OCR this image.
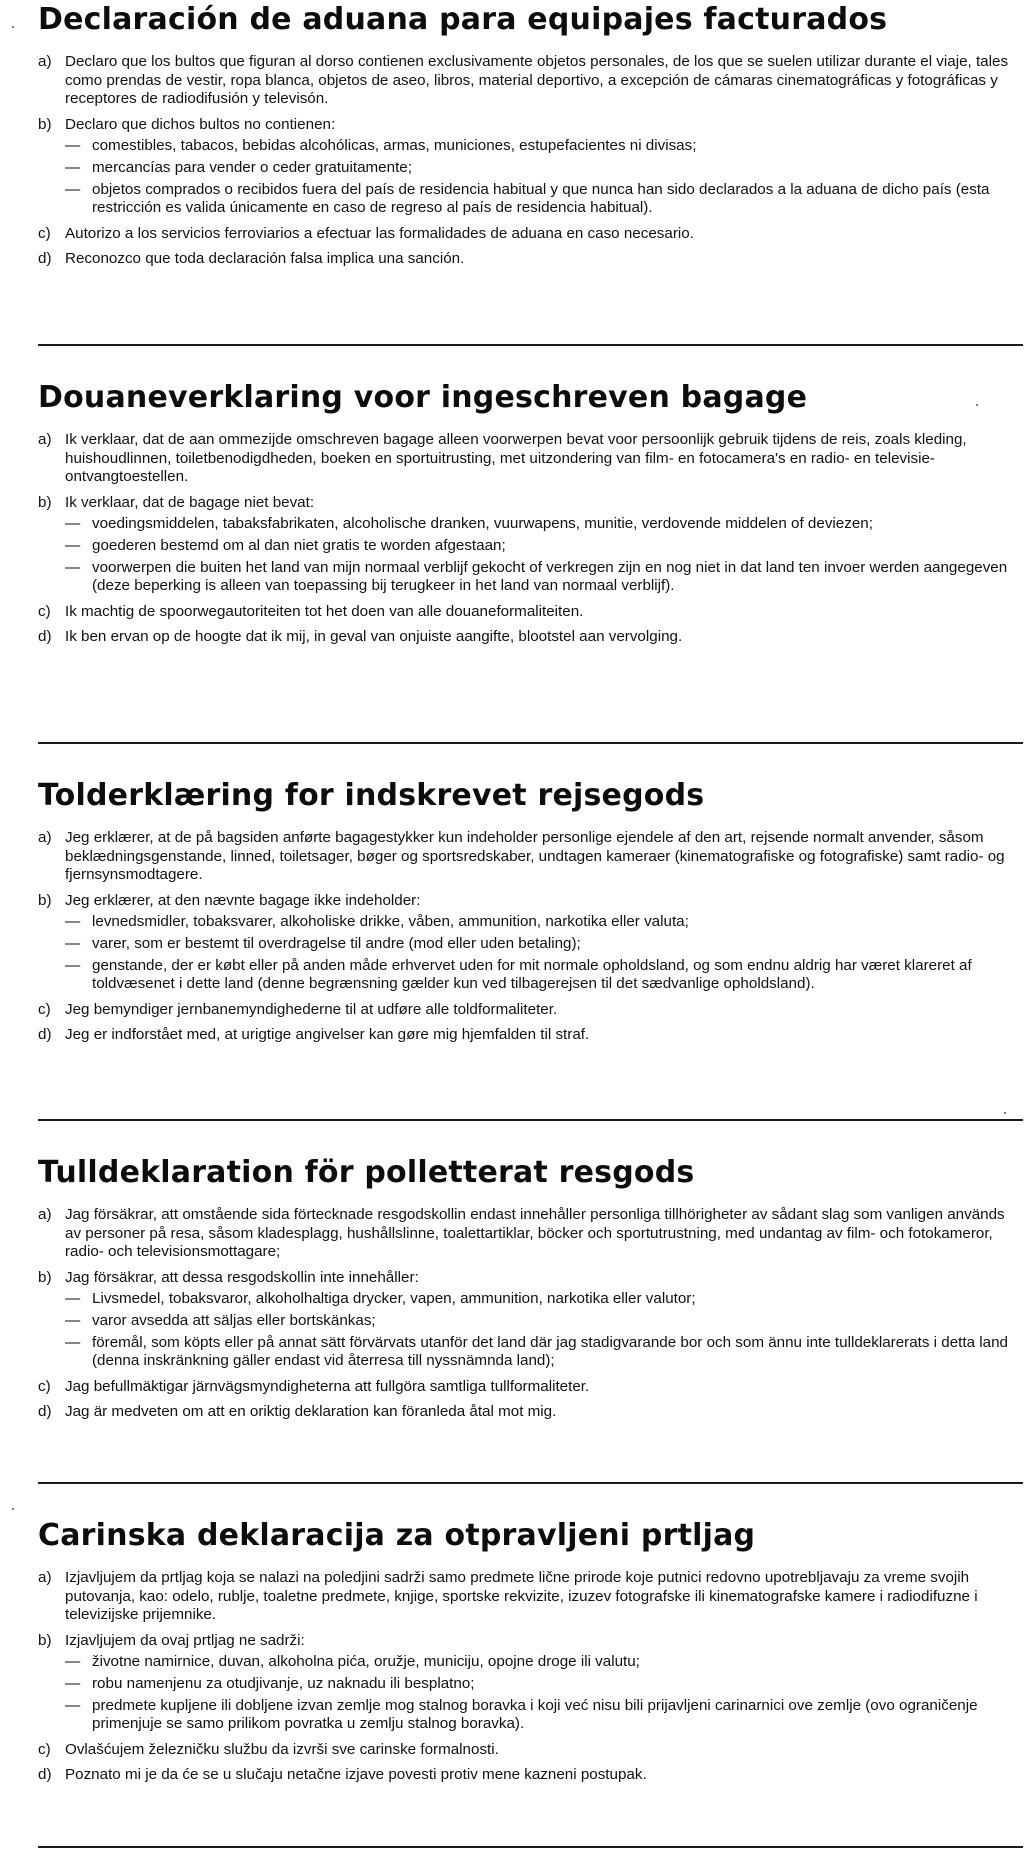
Declaración de aduana para equipajes facturados
a) Declaro que los bultos que figuran al dorso contienen exclusivamente objetos personales, de los que se suelen utilizar durante el viaje, tales como prendas de vestir, ropa blanca, objetos de aseo, libros, material deportivo, a excepción de cámaras cinematográficas y fotográficas y receptores de radiodifusión y televisón.
b) Declaro que dichos bultos no contienen:
— comestibles, tabacos, bebidas alcohólicas, armas, municiones, estupefacientes ni divisas;
— mercancías para vender o ceder gratuitamente;
— objetos comprados o recibidos fuera del país de residencia habitual y que nunca han sido declarados a la aduana de dicho país (esta restricción es valida únicamente en caso de regreso al país de residencia habitual).
c) Autorizo a los servicios ferroviarios a efectuar las formalidades de aduana en caso necesario.
d) Reconozco que toda declaración falsa implica una sanción.
Douaneverklaring voor ingeschreven bagage
a) Ik verklaar, dat de aan ommezijde omschreven bagage alleen voorwerpen bevat voor persoonlijk gebruik tijdens de reis, zoals kleding, huishoudlinnen, toiletbenodigdheden, boeken en sportuitrusting, met uitzondering van film- en fotocamera's en radio- en televisie-ontvangtoestellen.
b) Ik verklaar, dat de bagage niet bevat:
— voedingsmiddelen, tabaksfabrikaten, alcoholische dranken, vuurwapens, munitie, verdovende middelen of deviezen;
— goederen bestemd om al dan niet gratis te worden afgestaan;
— voorwerpen die buiten het land van mijn normaal verblijf gekocht of verkregen zijn en nog niet in dat land ten invoer werden aangegeven (deze beperking is alleen van toepassing bij terugkeer in het land van normaal verblijf).
c) Ik machtig de spoorwegautoriteiten tot het doen van alle douaneformaliteiten.
d) Ik ben ervan op de hoogte dat ik mij, in geval van onjuiste aangifte, blootstel aan vervolging.
Tolderklæring for indskrevet rejsegods
a) Jeg erklærer, at de på bagsiden anførte bagagestykker kun indeholder personlige ejendele af den art, rejsende normalt anvender, såsom beklædningsgenstande, linned, toiletsager, bøger og sportsredskaber, undtagen kameraer (kinematografiske og fotografiske) samt radio- og fjernsynsmodtagere.
b) Jeg erklærer, at den nævnte bagage ikke indeholder:
— levnedsmidler, tobaksvarer, alkoholiske drikke, våben, ammunition, narkotika eller valuta;
— varer, som er bestemt til overdragelse til andre (mod eller uden betaling);
— genstande, der er købt eller på anden måde erhvervet uden for mit normale opholdsland, og som endnu aldrig har været klareret af toldvæsenet i dette land (denne begrænsning gælder kun ved tilbagerejsen til det sædvanlige opholdsland).
c) Jeg bemyndiger jernbanemyndighederne til at udføre alle toldformaliteter.
d) Jeg er indforstået med, at urigtige angivelser kan gøre mig hjemfalden til straf.
Tulldeklaration för polletterat resgods
a) Jag försäkrar, att omstående sida förtecknade resgodskollin endast innehåller personliga tillhörigheter av sådant slag som vanligen används av personer på resa, såsom kladesplagg, hushållslinne, toalettartiklar, böcker och sportutrustning, med undantag av film- och fotokameror, radio- och televisionsmottagare;
b) Jag försäkrar, att dessa resgodskollin inte innehåller:
— Livsmedel, tobaksvaror, alkoholhaltiga drycker, vapen, ammunition, narkotika eller valutor;
— varor avsedda att säljas eller bortskänkas;
— föremål, som köpts eller på annat sätt förvärvats utanför det land där jag stadigvarande bor och som ännu inte tulldeklarerats i detta land (denna inskränkning gäller endast vid återresa till nyssnämnda land);
c) Jag befullmäktigar järnvägsmyndigheterna att fullgöra samtliga tullformaliteter.
d) Jag är medveten om att en oriktig deklaration kan föranleda åtal mot mig.
Carinska deklaracija za otpravljeni prtljag
a) Izjavljujem da prtljag koja se nalazi na poledjini sadrži samo predmete lične prirode koje putnici redovno upotrebljavaju za vreme svojih putovanja, kao: odelo, rublje, toaletne predmete, knjige, sportske rekvizite, izuzev fotografske ili kinematografske kamere i radiodifuzne i televizijske prijemnike.
b) Izjavljujem da ovaj prtljag ne sadrži:
— životne namirnice, duvan, alkoholna pića, oružje, municiju, opojne droge ili valutu;
— robu namenjenu za otudjivanje, uz naknadu ili besplatno;
— predmete kupljene ili dobljene izvan zemlje mog stalnog boravka i koji već nisu bili prijavljeni carinarnici ove zemlje (ovo ograničenje primenjuje se samo prilikom povratka u zemlju stalnog boravka).
c) Ovlašćujem železničku službu da izvrši sve carinske formalnosti.
d) Poznato mi je da će se u slučaju netačne izjave povesti protiv mene kazneni postupak.
